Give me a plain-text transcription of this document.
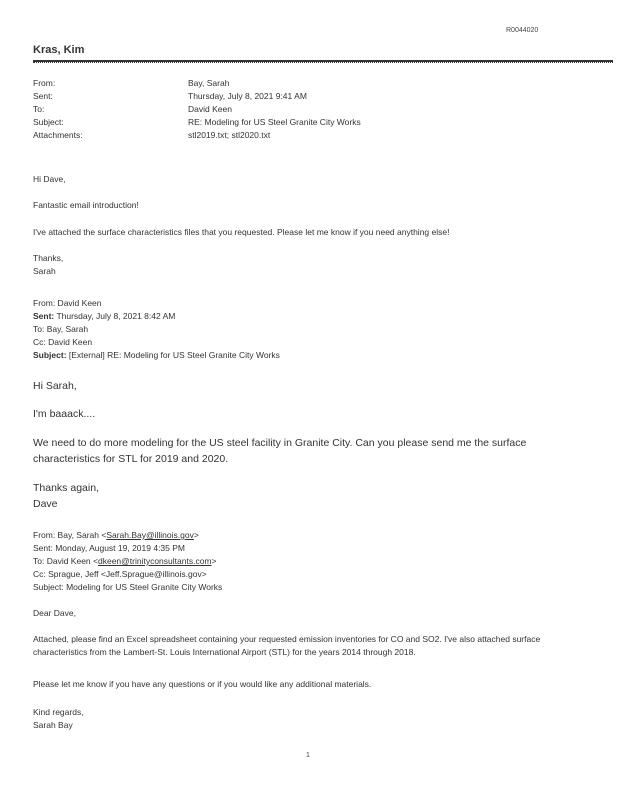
R0044020
Kras, Kim
From:	Bay, Sarah
Sent:	Thursday, July 8, 2021 9:41 AM
To:	David Keen
Subject:	RE: Modeling for US Steel Granite City Works
Attachments:	stl2019.txt; stl2020.txt
Hi Dave,
Fantastic email introduction!
I've attached the surface characteristics files that you requested. Please let me know if you need anything else!
Thanks,
Sarah
From: David Keen
Sent: Thursday, July 8, 2021 8:42 AM
To: Bay, Sarah
Cc: David Keen
Subject: [External] RE: Modeling for US Steel Granite City Works
Hi Sarah,
I'm baaack....
We need to do more modeling for the US steel facility in Granite City. Can you please send me the surface characteristics for STL for 2019 and 2020.
Thanks again,
Dave
From: Bay, Sarah <Sarah.Bay@illinois.gov>
Sent: Monday, August 19, 2019 4:35 PM
To: David Keen <dkeen@trinityconsultants.com>
Cc: Sprague, Jeff <Jeff.Sprague@illinois.gov>
Subject: Modeling for US Steel Granite City Works
Dear Dave,
Attached, please find an Excel spreadsheet containing your requested emission inventories for CO and SO2. I've also attached surface characteristics from the Lambert-St. Louis International Airport (STL) for the years 2014 through 2018.
Please let me know if you have any questions or if you would like any additional materials.
Kind regards,
Sarah Bay
1
